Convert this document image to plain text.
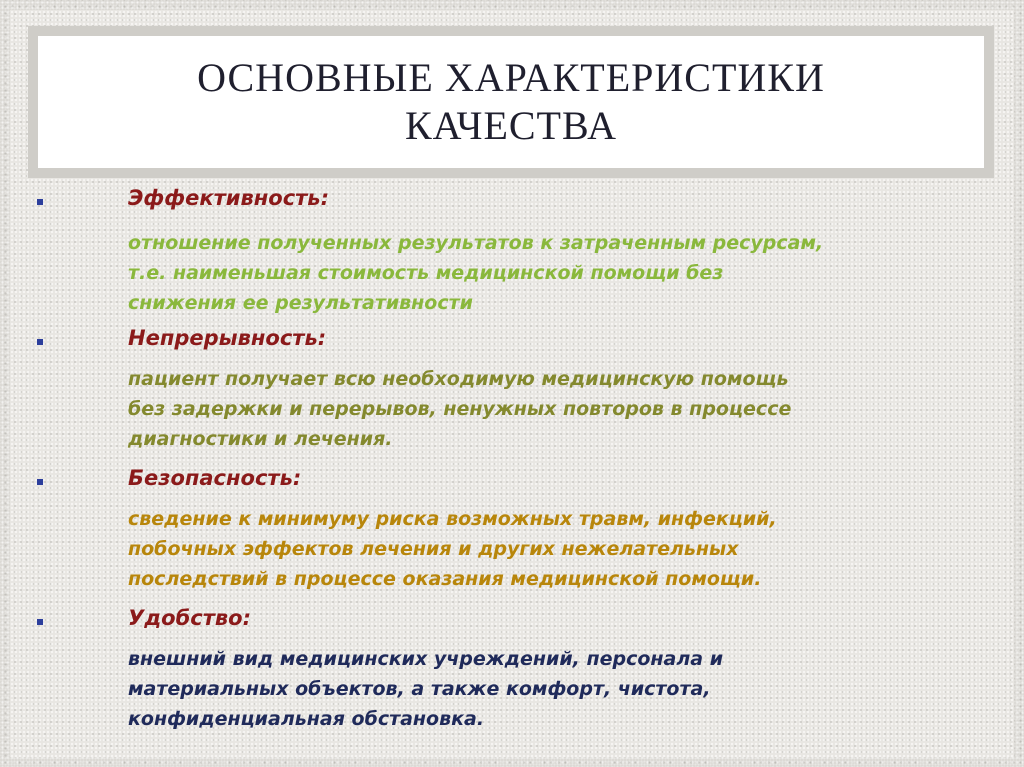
ОСНОВНЫЕ ХАРАКТЕРИСТИКИ
КАЧЕСТВА
Эффективность:
отношение полученных результатов к затраченным ресурсам,
т.е. наименьшая стоимость медицинской помощи без
снижения ее результативности
Непрерывность:
пациент получает всю необходимую медицинскую помощь
без задержки и перерывов, ненужных повторов в процессе
диагностики и лечения.
Безопасность:
сведение к минимуму риска возможных травм, инфекций,
побочных эффектов лечения и других нежелательных
последствий в процессе оказания медицинской помощи.
Удобство:
внешний вид медицинских учреждений, персонала и
материальных объектов, а также комфорт, чистота,
конфиденциальная обстановка.
